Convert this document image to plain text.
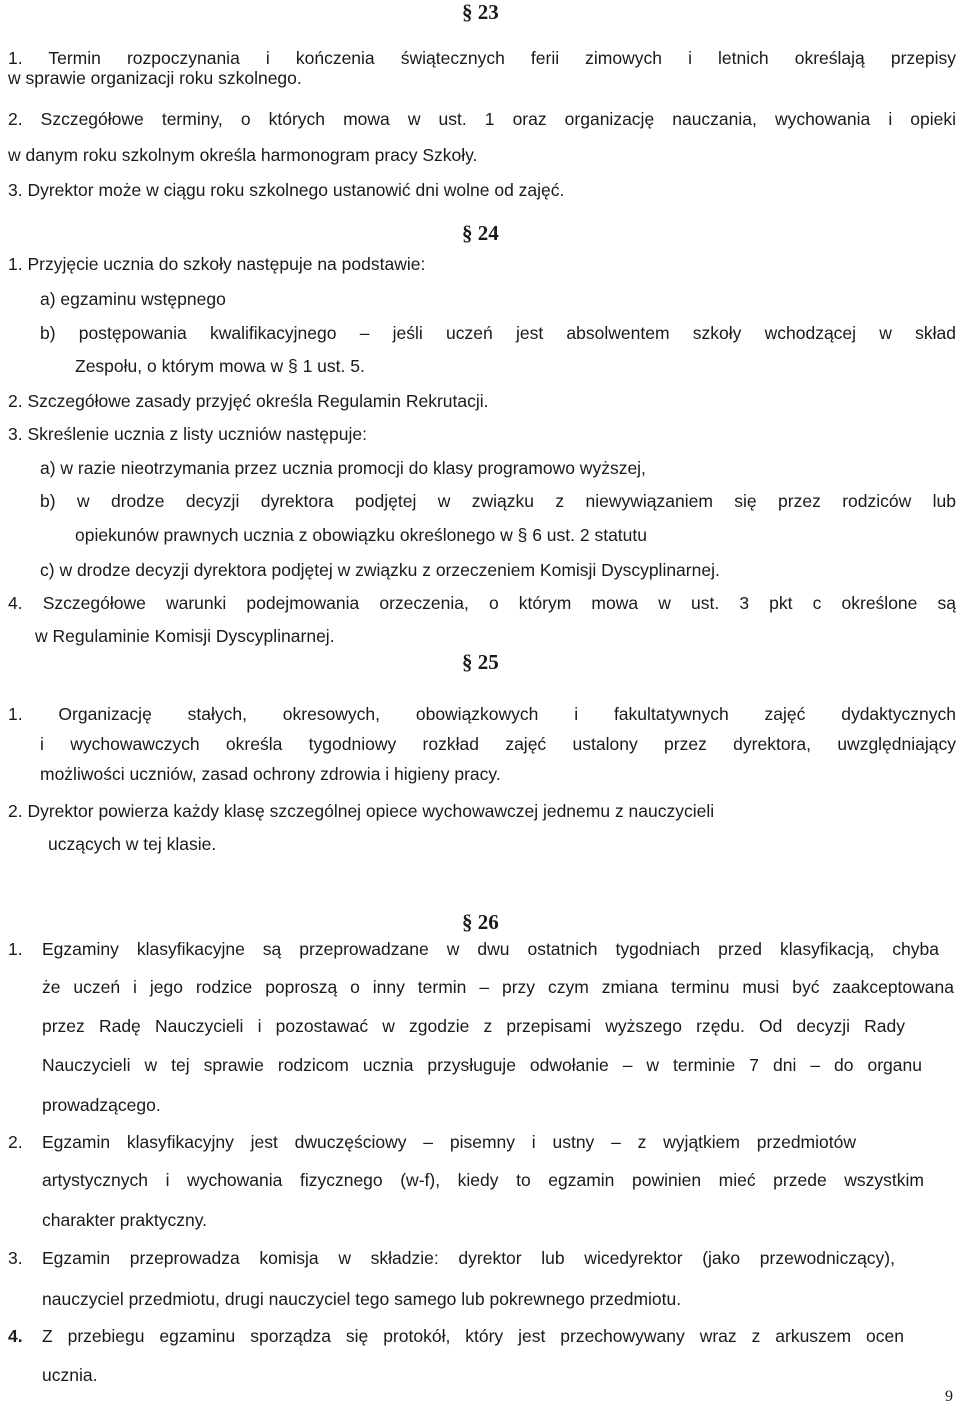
§ 23
1. Termin rozpoczynania i kończenia świątecznych ferii zimowych i letnich określają przepisy
w sprawie organizacji roku szkolnego.
2. Szczegółowe terminy, o których mowa w ust. 1 oraz organizację nauczania, wychowania i opieki
w danym roku szkolnym określa harmonogram pracy Szkoły.
3. Dyrektor może w ciągu roku szkolnego ustanowić dni wolne od zajęć.
§ 24
1. Przyjęcie ucznia do szkoły następuje na podstawie:
a) egzaminu wstępnego
b) postępowania kwalifikacyjnego – jeśli uczeń jest absolwentem szkoły wchodzącej w skład
Zespołu, o którym mowa w § 1 ust. 5.
2. Szczegółowe zasady przyjęć określa Regulamin Rekrutacji.
3. Skreślenie ucznia z listy uczniów następuje:
a) w razie nieotrzymania przez ucznia promocji do klasy programowo wyższej,
b) w drodze decyzji dyrektora podjętej w związku z niewywiązaniem się przez rodziców lub
opiekunów prawnych ucznia z obowiązku określonego w § 6 ust. 2 statutu
c) w drodze decyzji dyrektora podjętej w związku z orzeczeniem Komisji Dyscyplinarnej.
4. Szczegółowe warunki podejmowania orzeczenia, o którym mowa w ust. 3 pkt c określone są
w Regulaminie Komisji Dyscyplinarnej.
§ 25
1. Organizację stałych, okresowych, obowiązkowych i fakultatywnych zajęć dydaktycznych
i wychowawczych określa tygodniowy rozkład zajęć ustalony przez dyrektora, uwzględniający
możliwości uczniów, zasad ochrony zdrowia i higieny pracy.
2. Dyrektor powierza każdy klasę szczególnej opiece wychowawczej jednemu z nauczycieli
uczących w tej klasie.
§ 26
1. Egzaminy klasyfikacyjne są przeprowadzane w dwu ostatnich tygodniach przed klasyfikacją, chyba
że uczeń i jego rodzice poproszą o inny termin – przy czym zmiana terminu musi być zaakceptowana
przez Radę Nauczycieli i pozostawać w zgodzie z przepisami wyższego rzędu. Od decyzji Rady
Nauczycieli w tej sprawie rodzicom ucznia przysługuje odwołanie – w terminie 7 dni – do organu
prowadzącego.
2. Egzamin klasyfikacyjny jest dwuczęściowy – pisemny i ustny – z wyjątkiem przedmiotów
artystycznych i wychowania fizycznego (w-f), kiedy to egzamin powinien mieć przede wszystkim
charakter praktyczny.
3. Egzamin przeprowadza komisja w składzie: dyrektor lub wicedyrektor (jako przewodniczący),
nauczyciel przedmiotu, drugi nauczyciel tego samego lub pokrewnego przedmiotu.
4. Z przebiegu egzaminu sporządza się protokół, który jest przechowywany wraz z arkuszem ocen
ucznia.
9
